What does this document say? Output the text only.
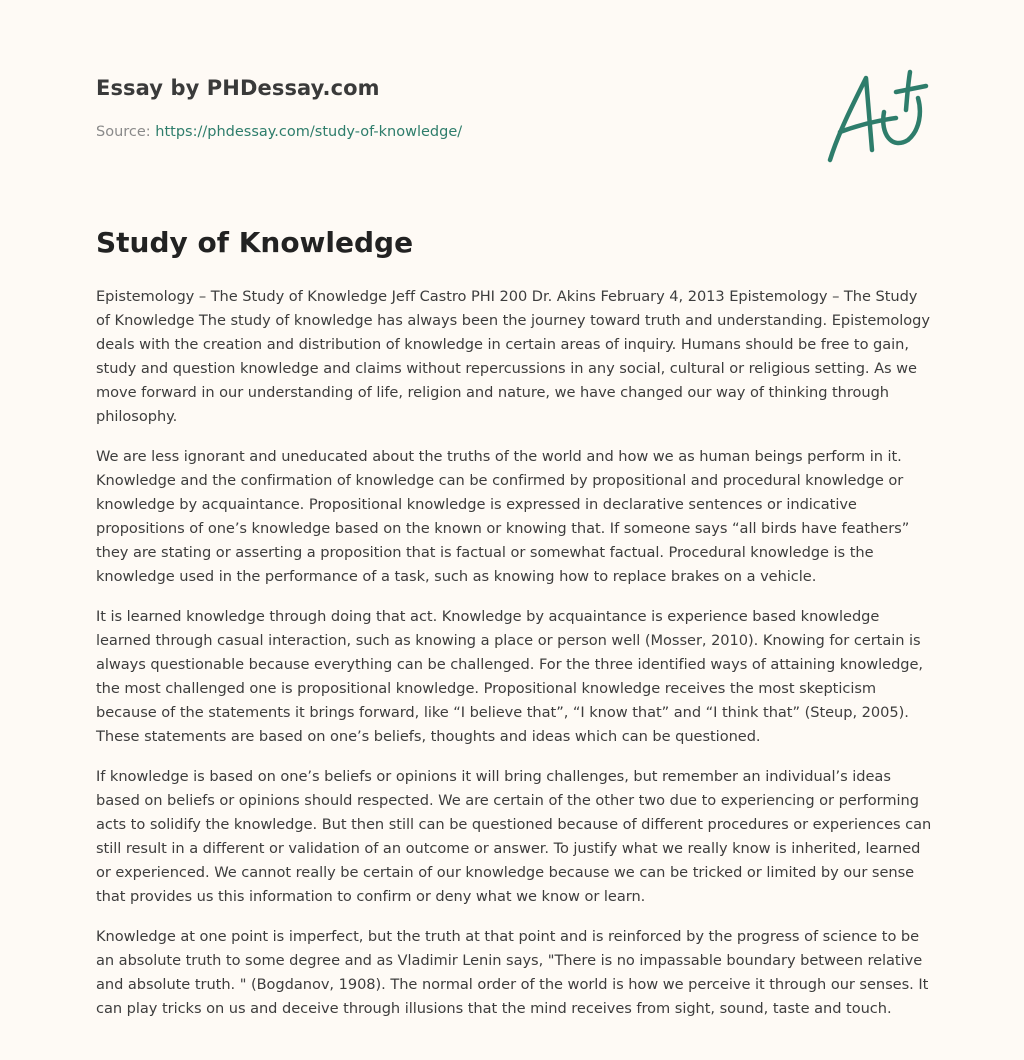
Essay by PHDessay.com
Source: https://phdessay.com/study-of-knowledge/
Study of Knowledge

Epistemology – The Study of Knowledge Jeff Castro PHI 200 Dr. Akins February 4, 2013 Epistemology – The Study of Knowledge The study of knowledge has always been the journey toward truth and understanding. Epistemology deals with the creation and distribution of knowledge in certain areas of inquiry. Humans should be free to gain, study and question knowledge and claims without repercussions in any social, cultural or religious setting. As we move forward in our understanding of life, religion and nature, we have changed our way of thinking through philosophy.

We are less ignorant and uneducated about the truths of the world and how we as human beings perform in it. Knowledge and the confirmation of knowledge can be confirmed by propositional and procedural knowledge or knowledge by acquaintance. Propositional knowledge is expressed in declarative sentences or indicative propositions of one’s knowledge based on the known or knowing that. If someone says “all birds have feathers” they are stating or asserting a proposition that is factual or somewhat factual. Procedural knowledge is the knowledge used in the performance of a task, such as knowing how to replace brakes on a vehicle.

It is learned knowledge through doing that act. Knowledge by acquaintance is experience based knowledge learned through casual interaction, such as knowing a place or person well (Mosser, 2010). Knowing for certain is always questionable because everything can be challenged. For the three identified ways of attaining knowledge, the most challenged one is propositional knowledge. Propositional knowledge receives the most skepticism because of the statements it brings forward, like “I believe that”, “I know that” and “I think that” (Steup, 2005). These statements are based on one’s beliefs, thoughts and ideas which can be questioned.

If knowledge is based on one’s beliefs or opinions it will bring challenges, but remember an individual’s ideas based on beliefs or opinions should respected. We are certain of the other two due to experiencing or performing acts to solidify the knowledge. But then still can be questioned because of different procedures or experiences can still result in a different or validation of an outcome or answer. To justify what we really know is inherited, learned or experienced. We cannot really be certain of our knowledge because we can be tricked or limited by our sense that provides us this information to confirm or deny what we know or learn.

Knowledge at one point is imperfect, but the truth at that point and is reinforced by the progress of science to be an absolute truth to some degree and as Vladimir Lenin says, "There is no impassable boundary between relative and absolute truth. " (Bogdanov, 1908). The normal order of the world is how we perceive it through our senses. It can play tricks on us and deceive through illusions that the mind receives from sight, sound, taste and touch.
